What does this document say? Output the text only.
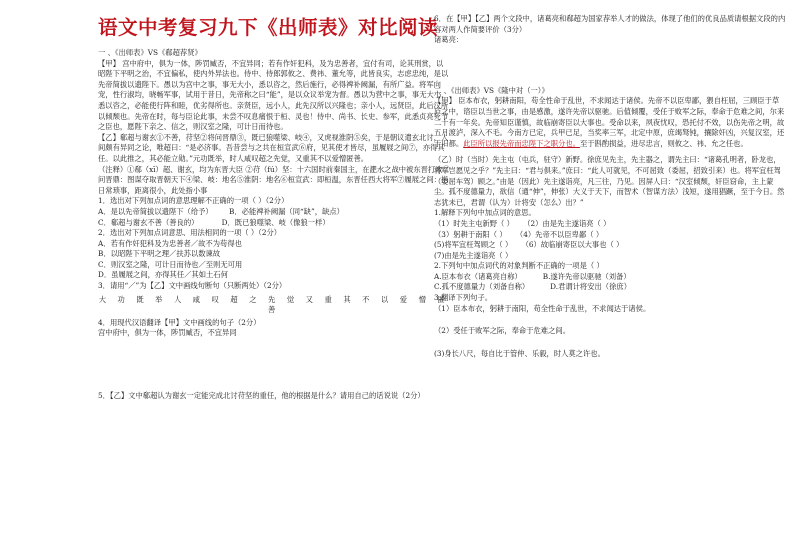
语文中考复习九下《出师表》对比阅读

一 、《出师表》VS《郗超荐贤》

【甲】 宫中府中，俱为一体，陟罚臧否，不宜异同；若有作奸犯科，及为忠善者，宜付有司，论其刑赏，以昭陛下平明之治，不宜偏私，使内外异法也。侍中、侍郎郭攸之、费祎、董允等，此皆良实，志虑忠纯，是以先帝简拔以遗陛下。愚以为宫中之事，事无大小，悉以咨之，然后施行，必得裨补阙漏，有所广益。将军向宠，性行淑均，晓畅军事，试用于昔日，先帝称之曰“能”，是以众议举宠为督。愚以为营中之事，事无大小，悉以咨之，必能使行阵和睦，优劣得所也。亲贤臣，远小人，此先汉所以兴隆也；亲小人，远贤臣，此后汉所以倾颓也。先帝在时，每与臣论此事，未尝不叹息痛恨于桓、灵也！侍中、尚书、长史、参军，此悉贞亮死节之臣也，愿陛下亲之、信之，则汉室之隆，可计日而待也。

【乙】郗超与谢玄①不善，苻坚②将问晋鼎③，既已狼噬梁、岐④，又虎视淮阴⑤矣，于是朝议遣玄北讨，人间颇有异同之论，唯超曰：“是必济事。吾昔尝与之共在桓宣武⑥府，见其使才皆尽，虽履屐之间⑦，亦得其任。以此推之，其必能立勋。”元功既举，时人咸叹超之先觉，又重其不以爱憎匿善。

（注释）①郗（xī）超、谢玄，均为东晋大臣 ②苻（fú）坚：十六国时前秦国主，在淝水之战中被东晋打败③问晋鼎：图谋夺取晋朝天下④梁、岐：地名⑤淮阴：地名⑥桓宣武：即桓温，东晋任西大将军⑦履屐之间：指日常琐事，距离很小，此处指小事

1．选出对下列加点词的意思理解不正确的一项（ ）（2分）

A．是以先帝简拔以遗陛下（给予） B．必能裨补阙漏（同“缺”，缺点）

C．郗超与谢玄不善（善良的）	D．既已狼噬梁、岐（像狼一样）

2．选出对下列加点词意思、用法相同的一项（ ）（2分）

A．若有作奸犯科及为忠善者／故不为苟得也

B．以昭陛下平明之理／扶苏以数谏故

C．则汉室之隆，可计日而待也／至则无可用

D．虽履屐之间，亦得其任／其如土石何

3．请用“／”为【乙】文中画线句断句（只断两处）（2分）

大 功 既 举 人 咸 叹 超 之 先 觉 又 重 其 不 以 爱 憎 匿 善

4．用现代汉语翻译【甲】文中画线的句子（2分）

宫中府中，俱为一体，陟罚臧否，不宜异同

5．【乙】文中郗超认为谢玄一定能完成北讨苻坚的重任，他的根据是什么？请用自己的话说说（2分）

6．在【甲】【乙】两个文段中，诸葛亮和郗超为国家荐举人才的做法，体现了他们的优良品质请根据文段的内容对两人作简要评价（3分）

诸葛亮：

二 、《出师表》VS《隆中对（一）》

【甲】 臣本布衣，躬耕南阳，苟全性命于乱世，不求闻达于诸侯。先帝不以臣卑鄙，猥自枉屈，三顾臣于草庐之中，谘臣以当世之事，由是感激，遂许先帝以驱驰。后值倾覆，受任于败军之际，奉命于危难之间，尔来二十有一年矣。先帝知臣谨慎，故临崩寄臣以大事也。受命以来，夙夜忧叹，恐托付不效，以伤先帝之明，故五月渡泸，深入不毛。今南方已定，兵甲已足，当奖率三军，北定中原，庶竭驽钝，攘除奸凶，兴复汉室，还于旧都。此臣所以报先帝而忠陛下之职分也。至于斟酌损益，进尽忠言，则攸之、祎、允之任也。

（乙）时（当时）先主屯（屯兵，驻守）新野。徐庶见先主，先主器之，谓先主曰：“诸葛孔明者，卧龙也，将军岂愿见之乎？”先主曰：“君与俱来。”庶曰：“此人可就见，不可屈致（委屈，招致引来）也。将军宜枉驾（委屈车驾）顾之。”由是（因此）先主遂诣亮，凡三往，乃见。因屏人曰：“汉室倾颓，奸臣窃命，主上蒙尘。孤不度德量力，欲信（通“伸”，伸张）大义于天下，而智术（智谋方法）浅短，遂用猖蹶，至于今日。然志犹未已，君谓（认为）计将安（怎么）出？”

1.解释下列句中加点词的意思。

（1）时先主屯新野（ ） （2）由是先主遂诣亮（ ）

（3）躬耕于南阳（ ） （4）先帝不以臣卑鄙（ ）

(5)将军宜枉驾顾之（ ） （6）故临崩寄臣以大事也（ ）

(7)由是先主遂诣亮（ ）

2.下列句中加点词代的对象判断不正确的一项是（ ）

A.臣本布衣（诸葛亮自称）	B.遂许先帝以驱驰（刘备）

C.孤不度德量力（刘备自称）	D.君谓计将安出（徐庶）

3.翻译下列句子。

（1）臣本布衣，躬耕于南阳，苟全性命于乱世，不求闻达于诸侯。

（2）受任于败军之际，奉命于危难之间。

(3)身长八尺，每自比于管仲、乐毅，时人莫之许也。
